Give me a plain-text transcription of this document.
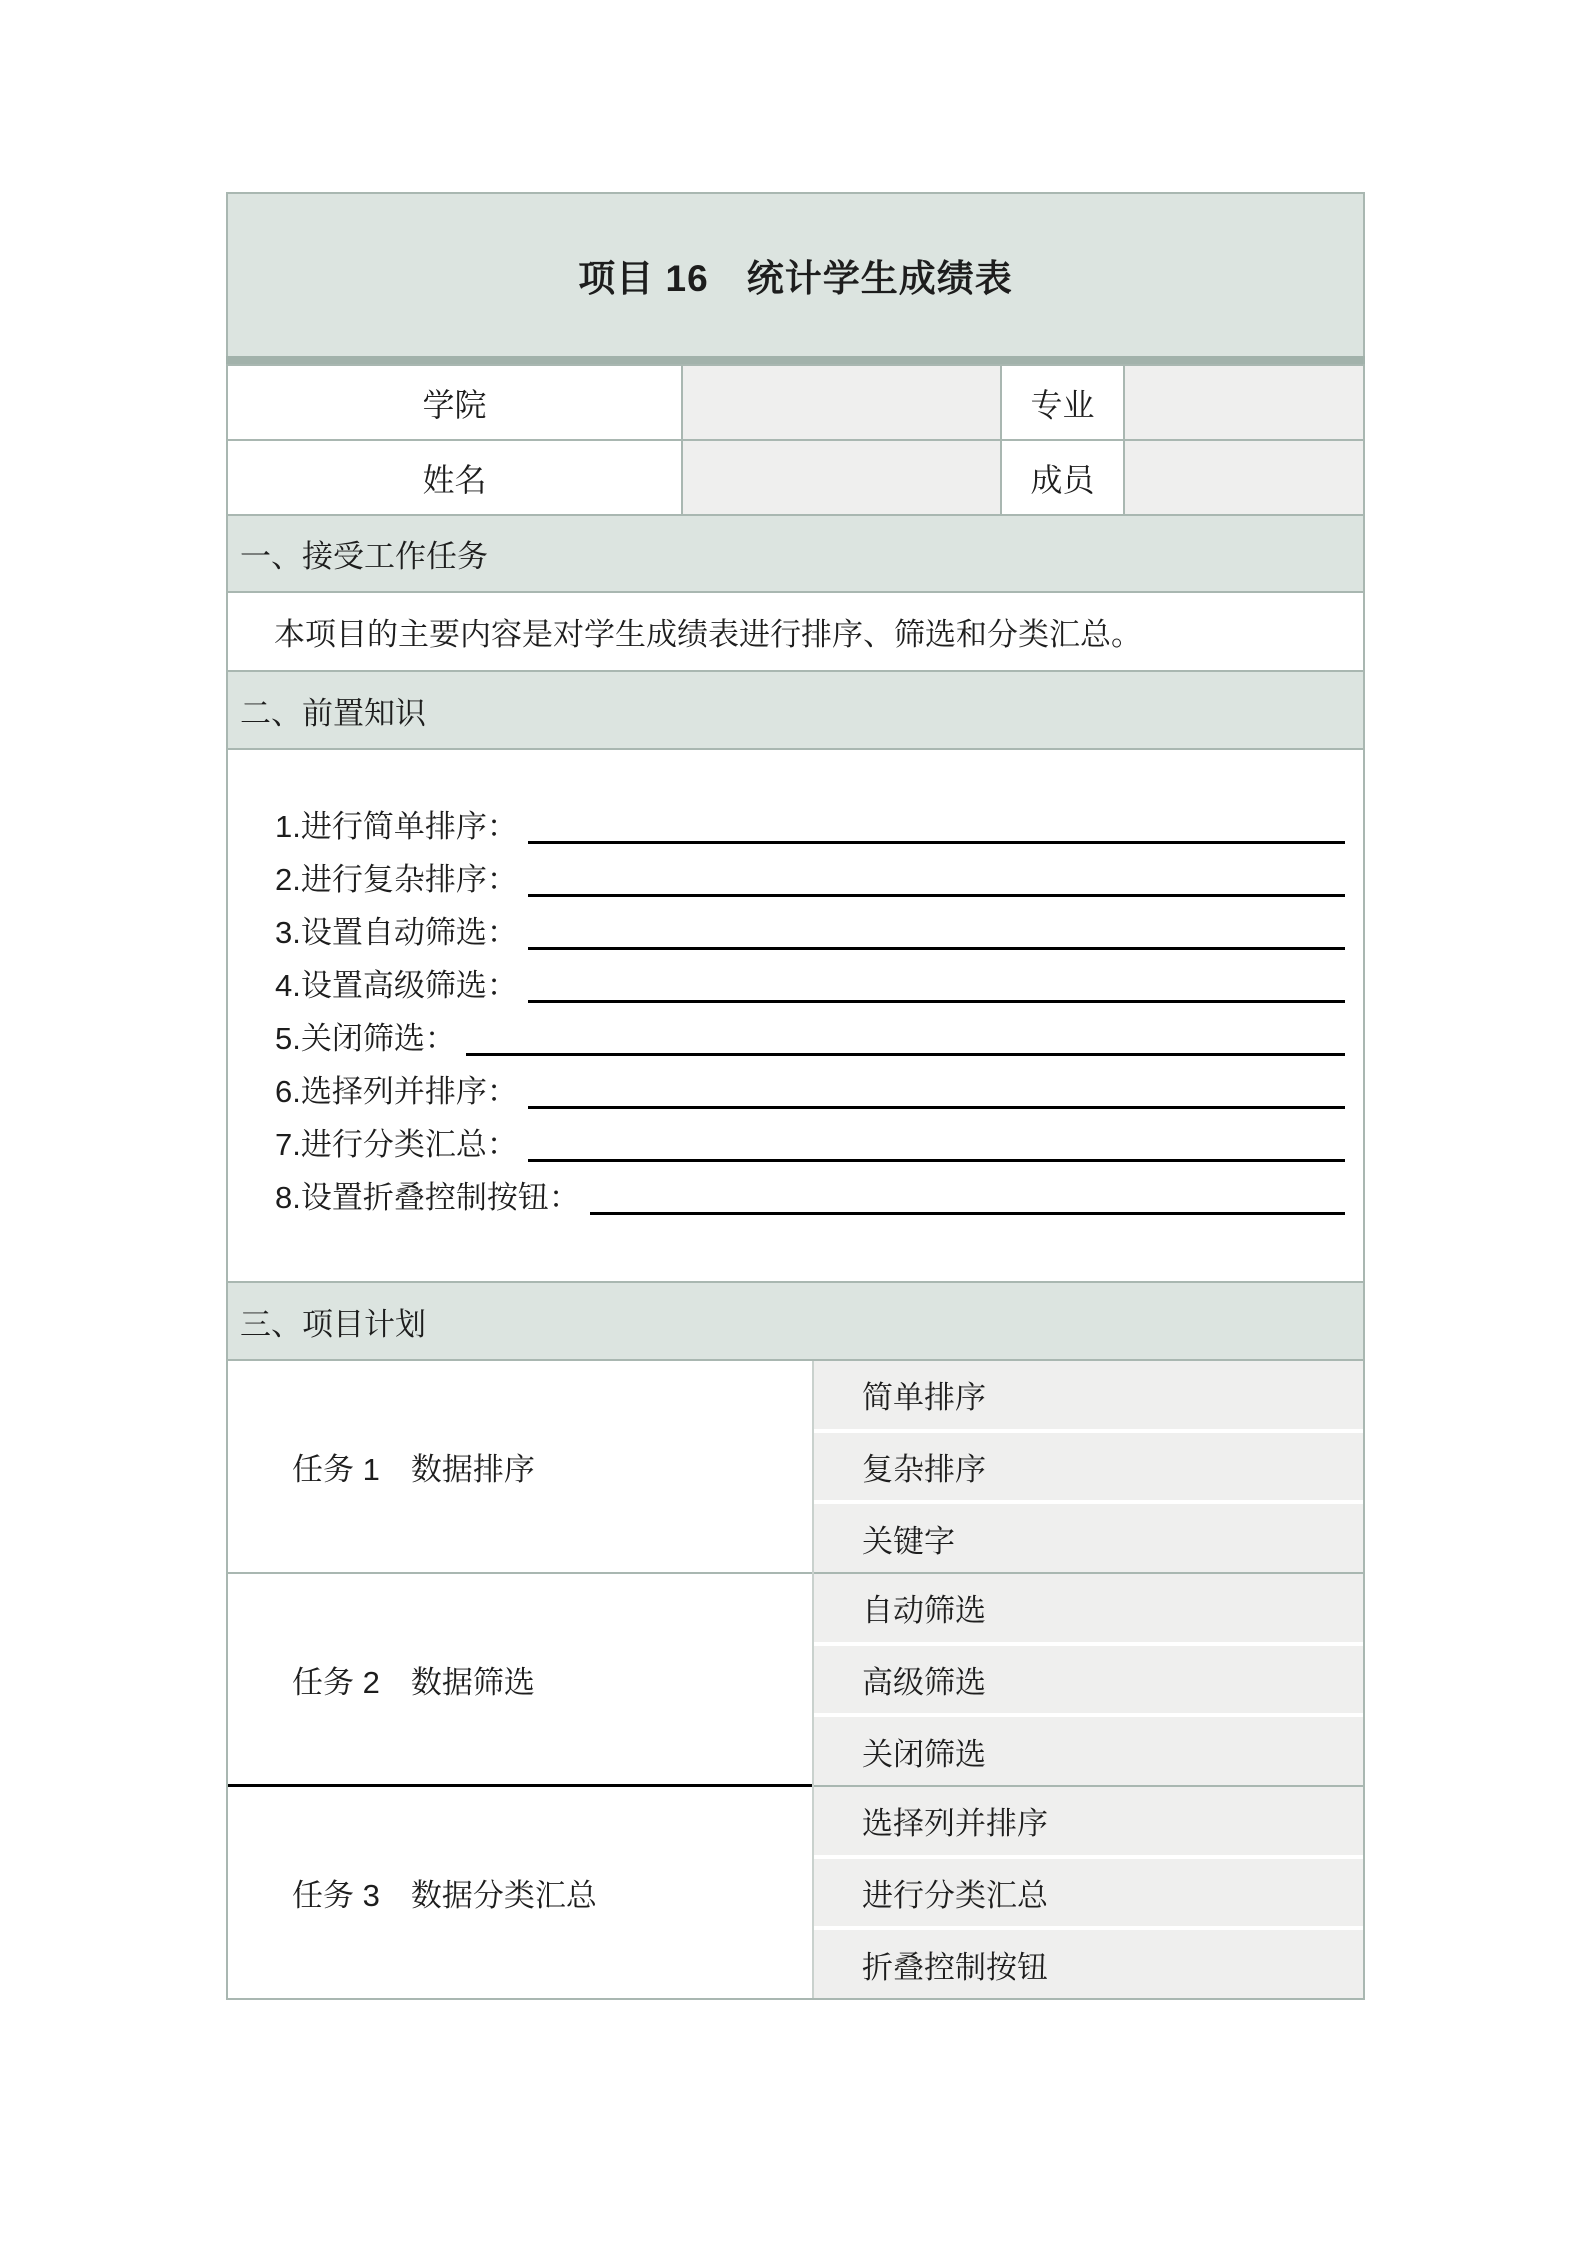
项目 16　统计学生成绩表
学院	专业
姓名	成员
一、接受工作任务
本项目的主要内容是对学生成绩表进行排序、筛选和分类汇总。
二、前置知识
1.进行简单排序：
2.进行复杂排序：
3.设置自动筛选：
4.设置高级筛选：
5.关闭筛选：
6.选择列并排序：
7.进行分类汇总：
8.设置折叠控制按钮：
三、项目计划
任务 1　数据排序
任务 2　数据筛选
任务 3　数据分类汇总
简单排序
复杂排序
关键字
自动筛选
高级筛选
关闭筛选
选择列并排序
进行分类汇总
折叠控制按钮
